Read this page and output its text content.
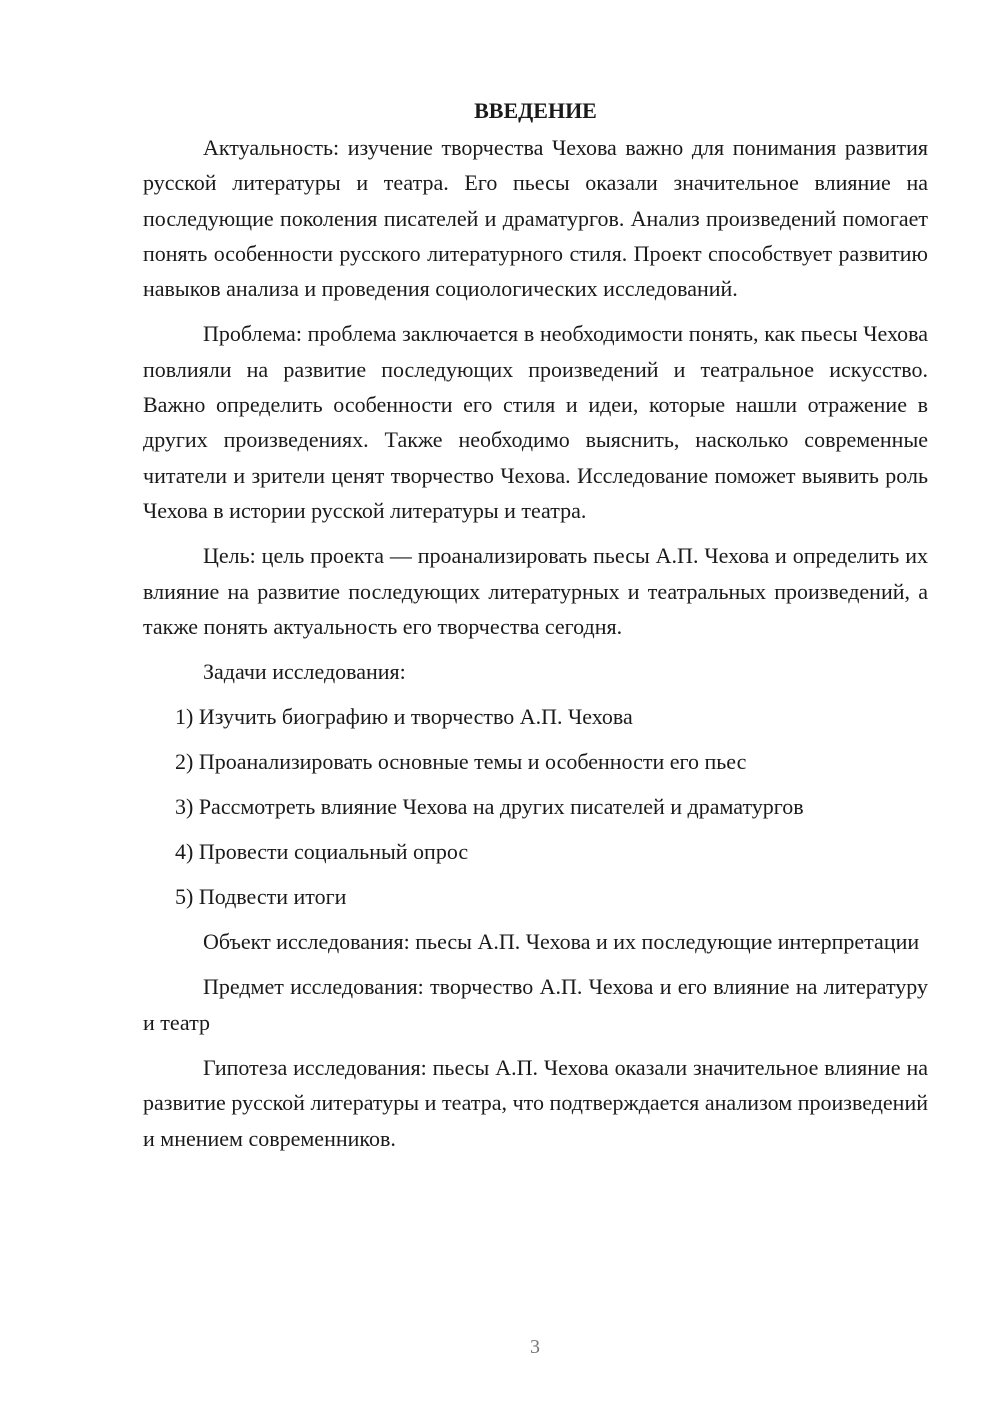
ВВЕДЕНИЕ

Актуальность: изучение творчества Чехова важно для понимания развития русской литературы и театра. Его пьесы оказали значительное влияние на последующие поколения писателей и драматургов. Анализ произведений помогает понять особенности русского литературного стиля. Проект способствует развитию навыков анализа и проведения социологических исследований.

Проблема: проблема заключается в необходимости понять, как пьесы Чехова повлияли на развитие последующих произведений и театральное искусство. Важно определить особенности его стиля и идеи, которые нашли отражение в других произведениях. Также необходимо выяснить, насколько современные читатели и зрители ценят творчество Чехова. Исследование поможет выявить роль Чехова в истории русской литературы и театра.

Цель: цель проекта — проанализировать пьесы А.П. Чехова и определить их влияние на развитие последующих литературных и театральных произведений, а также понять актуальность его творчества сегодня.

Задачи исследования:

1) Изучить биографию и творчество А.П. Чехова
2) Проанализировать основные темы и особенности его пьес
3) Рассмотреть влияние Чехова на других писателей и драматургов
4) Провести социальный опрос
5) Подвести итоги

Объект исследования: пьесы А.П. Чехова и их последующие интерпретации

Предмет исследования: творчество А.П. Чехова и его влияние на литературу и театр

Гипотеза исследования: пьесы А.П. Чехова оказали значительное влияние на развитие русской литературы и театра, что подтверждается анализом произведений и мнением современников.

3
